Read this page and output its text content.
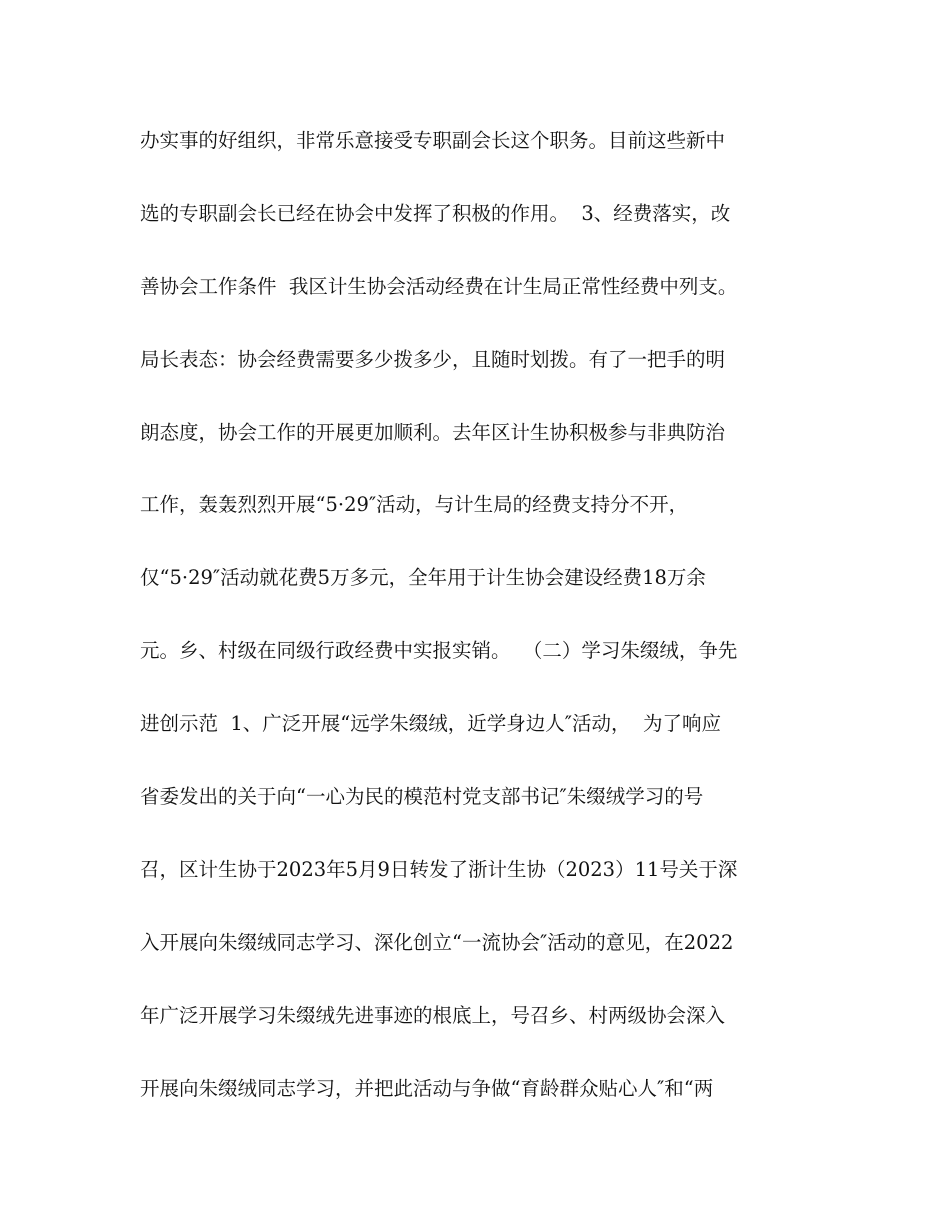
办实事的好组织，非常乐意接受专职副会长这个职务。目前这些新中
选的专职副会长已经在协会中发挥了积极的作用。  3、经费落实，改
善协会工作条件  我区计生协会活动经费在计生局正常性经费中列支。
局长表态：协会经费需要多少拨多少，且随时划拨。有了一把手的明
朗态度，协会工作的开展更加顺利。去年区计生协积极参与非典防治
工作，轰轰烈烈开展“5·29″活动，与计生局的经费支持分不开，
仅“5·29″活动就花费5万多元，全年用于计生协会建设经费18万余
元。乡、村级在同级行政经费中实报实销。  （二）学习朱缀绒，争先
进创示范  1、广泛开展“远学朱缀绒，近学身边人″活动，  为了响应
省委发出的关于向“一心为民的模范村党支部书记″朱缀绒学习的号
召，区计生协于2023年5月9日转发了浙计生协（2023）11号关于深
入开展向朱缀绒同志学习、深化创立“一流协会″活动的意见，在2022
年广泛开展学习朱缀绒先进事迹的根底上，号召乡、村两级协会深入
开展向朱缀绒同志学习，并把此活动与争做“育龄群众贴心人″和“两
